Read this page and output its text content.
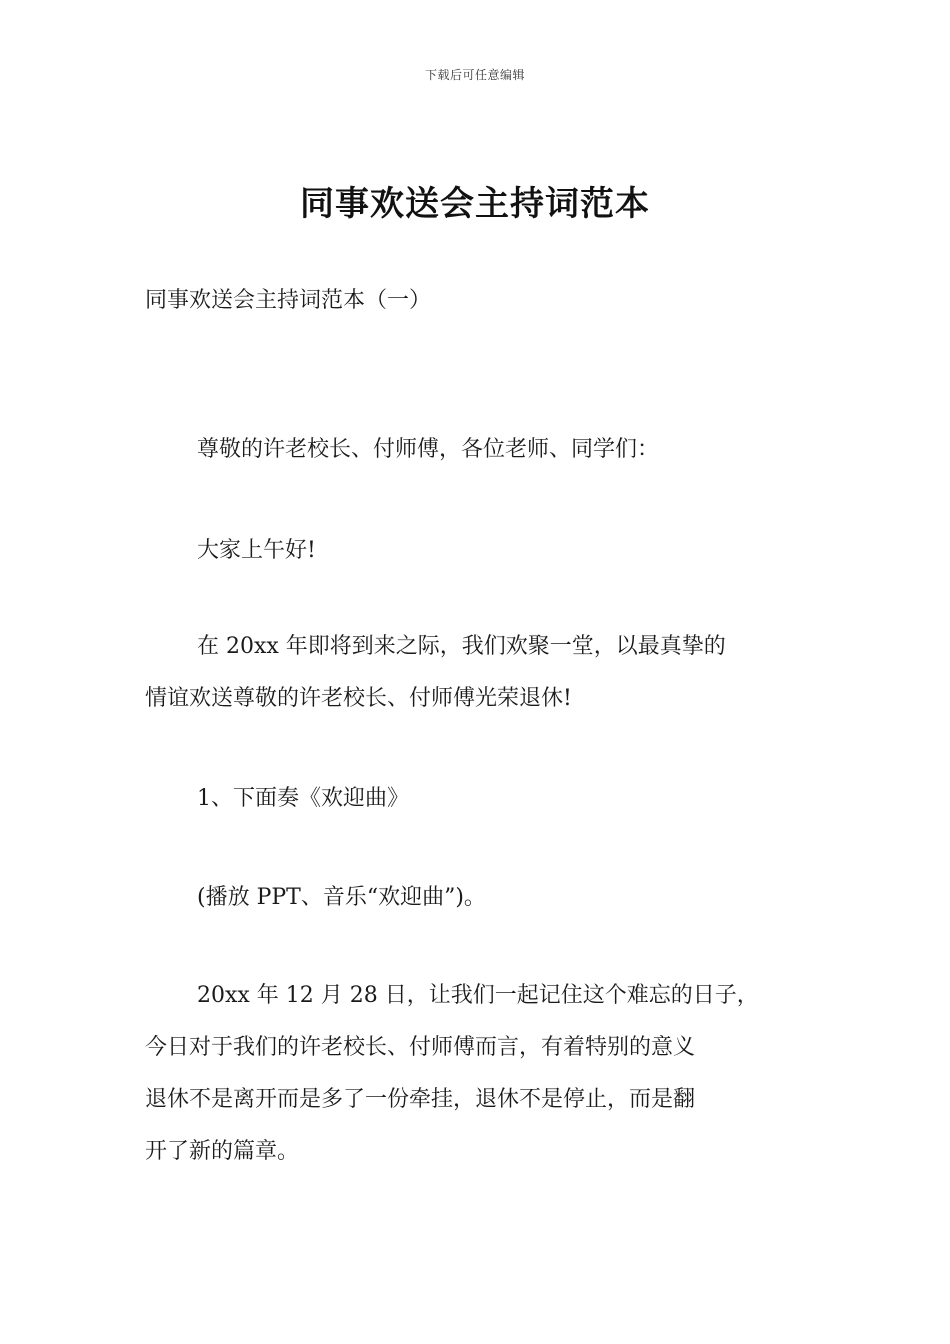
下载后可任意编辑
同事欢送会主持词范本

同事欢送会主持词范本（一）

尊敬的许老校长、付师傅，各位老师、同学们：

大家上午好!

在 20xx 年即将到来之际，我们欢聚一堂，以最真挚的
情谊欢送尊敬的许老校长、付师傅光荣退休!

1、下面奏《欢迎曲》

(播放 PPT、音乐“欢迎曲”)。

20xx 年 12 月 28 日，让我们一起记住这个难忘的日子，
今日对于我们的许老校长、付师傅而言，有着特别的意义
退休不是离开而是多了一份牵挂，退休不是停止，而是翻
开了新的篇章。
